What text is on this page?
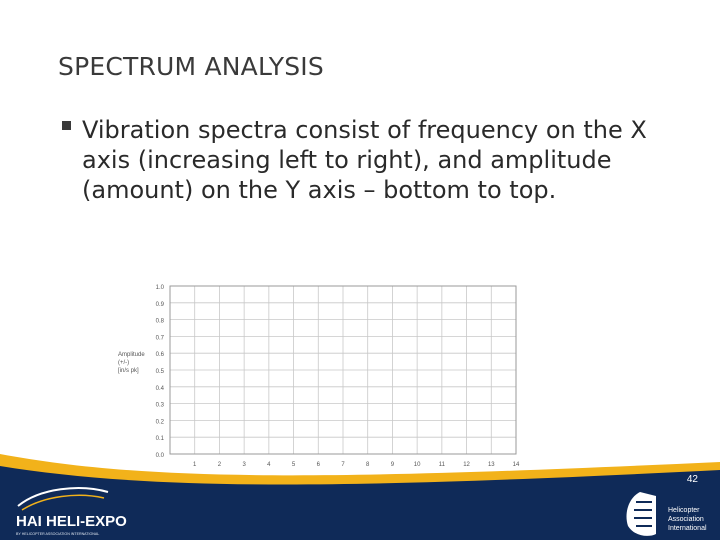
SPECTRUM ANALYSIS
Vibration spectra consist of frequency on the X axis (increasing left to right), and amplitude (amount) on the Y axis – bottom to top.
Amplitude
(+/-)
[in/s pk]
0.0
0.1
0.2
0.3
0.4
0.5
0.6
0.7
0.8
0.9
1.0
1	2	3	4	5	6	7	8	9	10	11	12	13	14
HAI HELI-EXPO
BY HELICOPTER ASSOCIATION INTERNATIONAL
42
Helicopter
Association
International
